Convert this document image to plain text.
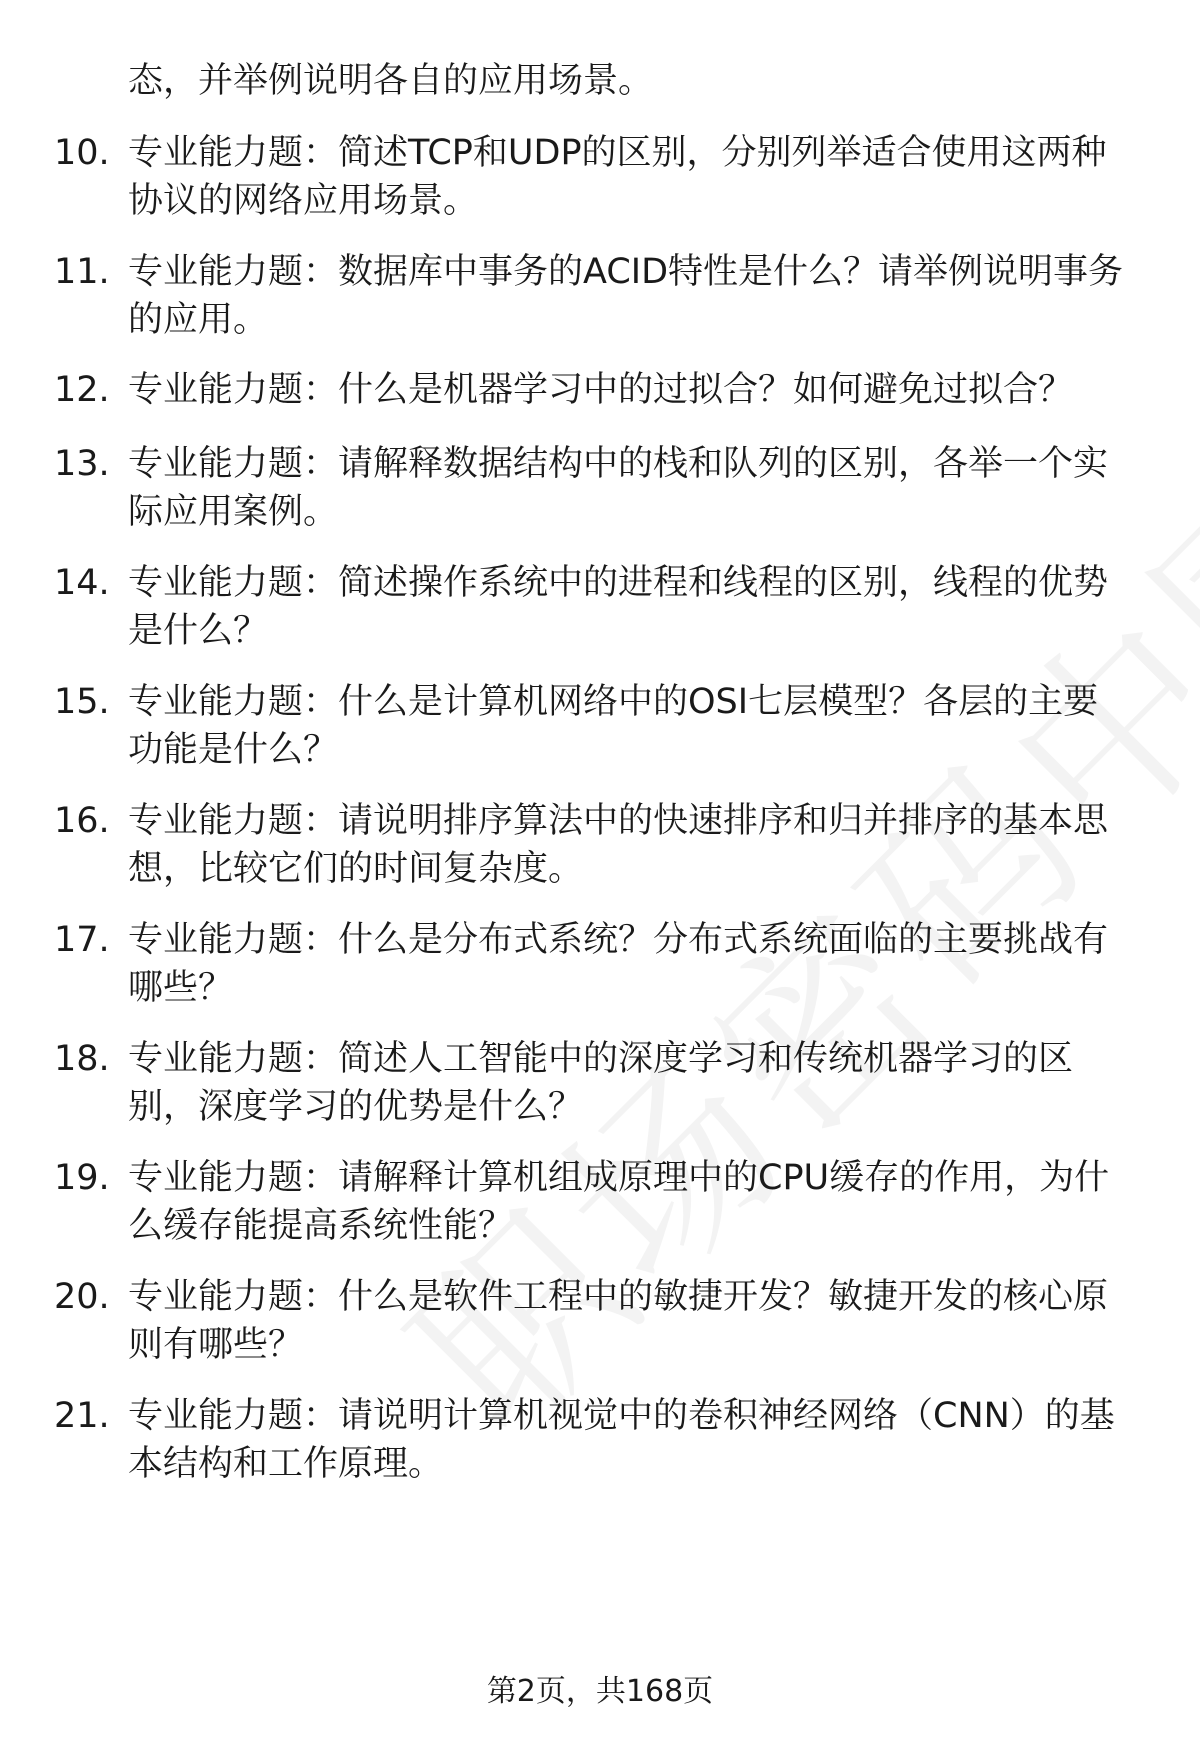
态，并举例说明各自的应用场景。
10. 专业能力题：简述TCP和UDP的区别，分别列举适合使用这两种
协议的网络应用场景。
11. 专业能力题：数据库中事务的ACID特性是什么？请举例说明事务
的应用。
12. 专业能力题：什么是机器学习中的过拟合？如何避免过拟合？
13. 专业能力题：请解释数据结构中的栈和队列的区别，各举一个实
际应用案例。
14. 专业能力题：简述操作系统中的进程和线程的区别，线程的优势
是什么？
15. 专业能力题：什么是计算机网络中的OSI七层模型？各层的主要
功能是什么？
16. 专业能力题：请说明排序算法中的快速排序和归并排序的基本思
想，比较它们的时间复杂度。
17. 专业能力题：什么是分布式系统？分布式系统面临的主要挑战有
哪些？
18. 专业能力题：简述人工智能中的深度学习和传统机器学习的区
别，深度学习的优势是什么？
19. 专业能力题：请解释计算机组成原理中的CPU缓存的作用，为什
么缓存能提高系统性能？
20. 专业能力题：什么是软件工程中的敏捷开发？敏捷开发的核心原
则有哪些？
21. 专业能力题：请说明计算机视觉中的卷积神经网络（CNN）的基
本结构和工作原理。
第2页，共168页
